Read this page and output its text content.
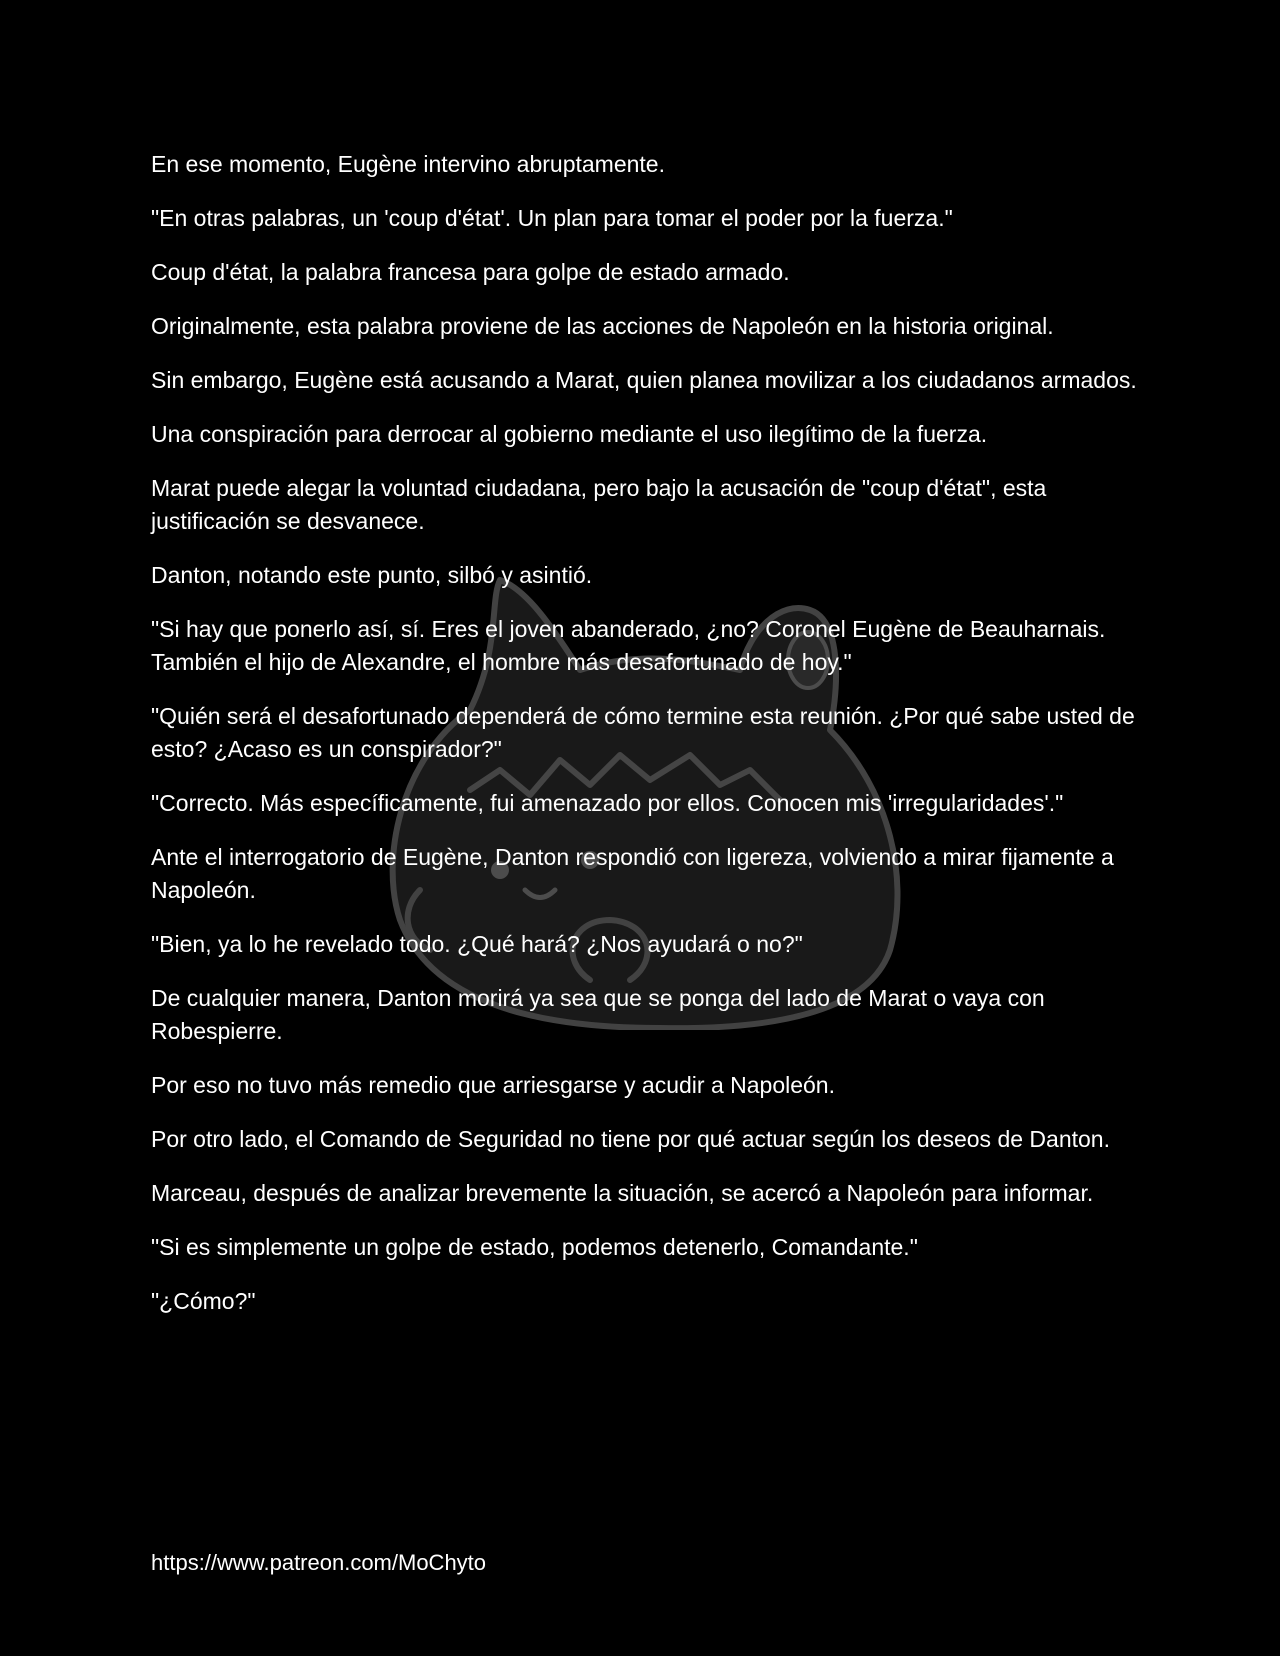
En ese momento, Eugène intervino abruptamente.

"En otras palabras, un 'coup d'état'. Un plan para tomar el poder por la fuerza."

Coup d'état, la palabra francesa para golpe de estado armado.

Originalmente, esta palabra proviene de las acciones de Napoleón en la historia original.

Sin embargo, Eugène está acusando a Marat, quien planea movilizar a los ciudadanos armados.

Una conspiración para derrocar al gobierno mediante el uso ilegítimo de la fuerza.

Marat puede alegar la voluntad ciudadana, pero bajo la acusación de "coup d'état", esta justificación se desvanece.

Danton, notando este punto, silbó y asintió.

"Si hay que ponerlo así, sí. Eres el joven abanderado, ¿no? Coronel Eugène de Beauharnais. También el hijo de Alexandre, el hombre más desafortunado de hoy."

"Quién será el desafortunado dependerá de cómo termine esta reunión. ¿Por qué sabe usted de esto? ¿Acaso es un conspirador?"

"Correcto. Más específicamente, fui amenazado por ellos. Conocen mis 'irregularidades'."

Ante el interrogatorio de Eugène, Danton respondió con ligereza, volviendo a mirar fijamente a Napoleón.

"Bien, ya lo he revelado todo. ¿Qué hará? ¿Nos ayudará o no?"

De cualquier manera, Danton morirá ya sea que se ponga del lado de Marat o vaya con Robespierre.

Por eso no tuvo más remedio que arriesgarse y acudir a Napoleón.

Por otro lado, el Comando de Seguridad no tiene por qué actuar según los deseos de Danton.

Marceau, después de analizar brevemente la situación, se acercó a Napoleón para informar.

"Si es simplemente un golpe de estado, podemos detenerlo, Comandante."

"¿Cómo?"

https://www.patreon.com/MoChyto
